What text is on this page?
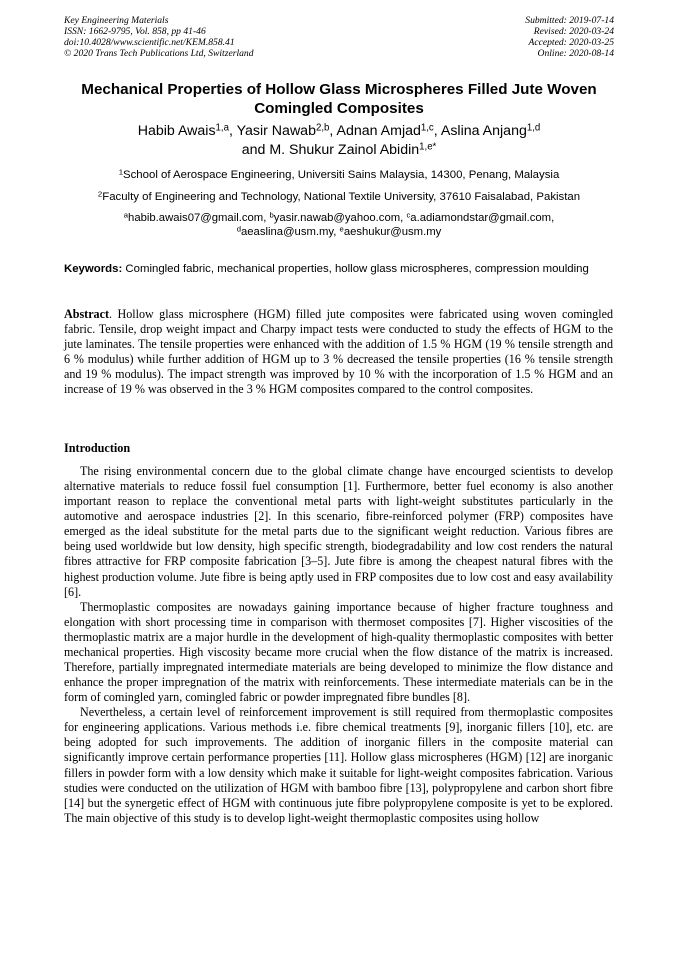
Key Engineering Materials
ISSN: 1662-9795, Vol. 858, pp 41-46
doi:10.4028/www.scientific.net/KEM.858.41
© 2020 Trans Tech Publications Ltd, Switzerland
Submitted: 2019-07-14
Revised: 2020-03-24
Accepted: 2020-03-25
Online: 2020-08-14
Mechanical Properties of Hollow Glass Microspheres Filled Jute Woven
Comingled Composites
Habib Awais$^{1,a}$, Yasir Nawab$^{2,b}$, Adnan Amjad$^{1,c}$, Aslina Anjang$^{1,d}$
and M. Shukur Zainol Abidin$^{1,e*}$
$^1$School of Aerospace Engineering, Universiti Sains Malaysia, 14300, Penang, Malaysia
$^2$Faculty of Engineering and Technology, National Textile University, 37610 Faisalabad, Pakistan
$^a$habib.awais07@gmail.com, $^b$yasir.nawab@yahoo.com, $^c$a.adiamondstar@gmail.com,
$^d$aeaslina@usm.my, $^e$aeshukur@usm.my
Keywords: Comingled fabric, mechanical properties, hollow glass microspheres, compression moulding
Abstract. Hollow glass microsphere (HGM) filled jute composites were fabricated using woven comingled fabric. Tensile, drop weight impact and Charpy impact tests were conducted to study the effects of HGM to the jute laminates. The tensile properties were enhanced with the addition of 1.5 % HGM (19 % tensile strength and 6 % modulus) while further addition of HGM up to 3 % decreased the tensile properties (16 % tensile strength and 19 % modulus). The impact strength was improved by 10 % with the incorporation of 1.5 % HGM and an increase of 19 % was observed in the 3 % HGM composites compared to the control composites.
Introduction

The rising environmental concern due to the global climate change have encourged scientists to develop alternative materials to reduce fossil fuel consumption [1]. Furthermore, better fuel economy is also another important reason to replace the conventional metal parts with light-weight substitutes particularly in the automotive and aerospace industries [2]. In this scenario, fibre-reinforced polymer (FRP) composites have emerged as the ideal substitute for the metal parts due to the significant weight reduction. Various fibres are being used worldwide but low density, high specific strength, biodegradability and low cost renders the natural fibres attractive for FRP composite fabrication [3–5]. Jute fibre is among the cheapest natural fibres with the highest production volume. Jute fibre is being aptly used in FRP composites due to low cost and easy availability [6].

Thermoplastic composites are nowadays gaining importance because of higher fracture toughness and elongation with short processing time in comparison with thermoset composites [7]. Higher viscosities of the thermoplastic matrix are a major hurdle in the development of high-quality thermoplastic composites with better mechanical properties. High viscosity became more crucial when the flow distance of the matrix is increased. Therefore, partially impregnated intermediate materials are being developed to minimize the flow distance and enhance the proper impregnation of the matrix with reinforcements. These intermediate materials can be in the form of comingled yarn, comingled fabric or powder impregnated fibre bundles [8].

Nevertheless, a certain level of reinforcement improvement is still required from thermoplastic composites for engineering applications. Various methods i.e. fibre chemical treatments [9], inorganic fillers [10], etc. are being adopted for such improvements. The addition of inorganic fillers in the composite material can significantly improve certain performance properties [11]. Hollow glass microspheres (HGM) [12] are inorganic fillers in powder form with a low density which make it suitable for light-weight composites fabrication. Various studies were conducted on the utilization of HGM with bamboo fibre [13], polypropylene and carbon short fibre [14] but the synergetic effect of HGM with continuous jute fibre polypropylene composite is yet to be explored. The main objective of this study is to develop light-weight thermoplastic composites using hollow
